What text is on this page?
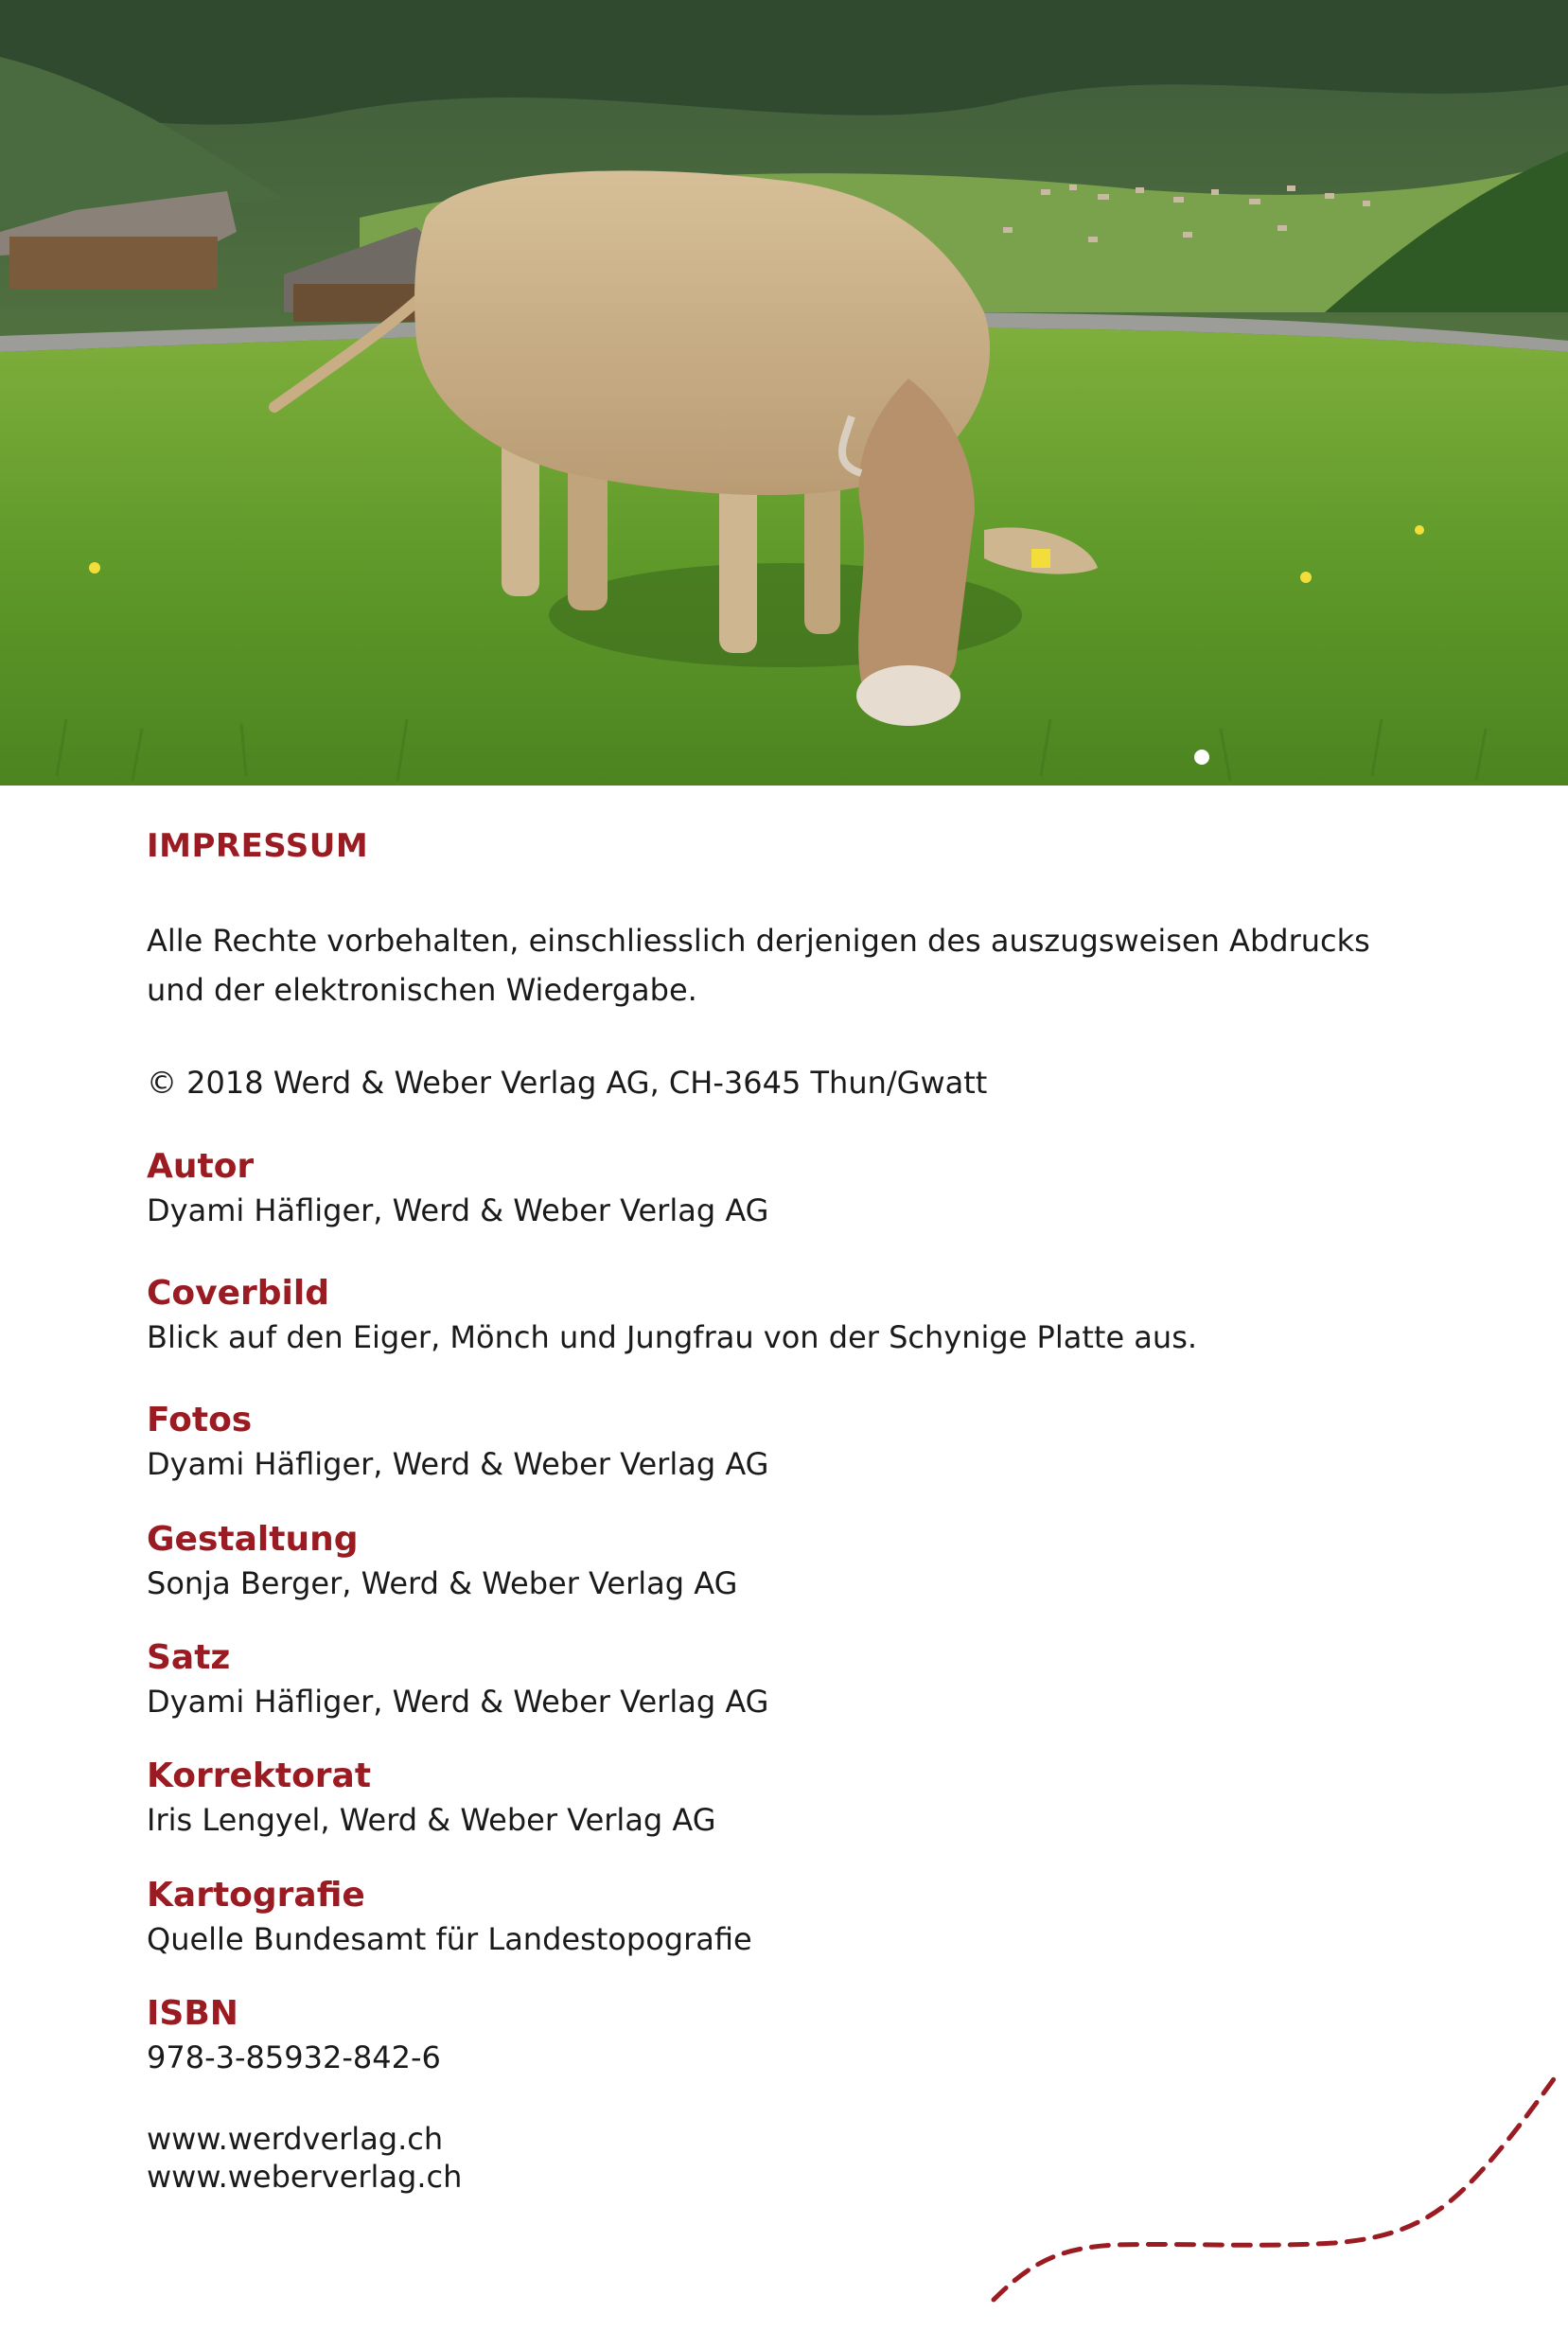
IMPRESSUM

Alle Rechte vorbehalten, einschliesslich derjenigen des auszugsweisen Abdrucks
und der elektronischen Wiedergabe.

© 2018 Werd & Weber Verlag AG, CH-3645 Thun/Gwatt

Autor
Dyami Häfliger, Werd & Weber Verlag AG
Coverbild
Blick auf den Eiger, Mönch und Jungfrau von der Schynige Platte aus.
Fotos
Dyami Häfliger, Werd & Weber Verlag AG
Gestaltung
Sonja Berger, Werd & Weber Verlag AG
Satz
Dyami Häfliger, Werd & Weber Verlag AG
Korrektorat
Iris Lengyel, Werd & Weber Verlag AG
Kartografie
Quelle Bundesamt für Landestopografie
ISBN
978-3-85932-842-6
www.werdverlag.ch
www.weberverlag.ch
